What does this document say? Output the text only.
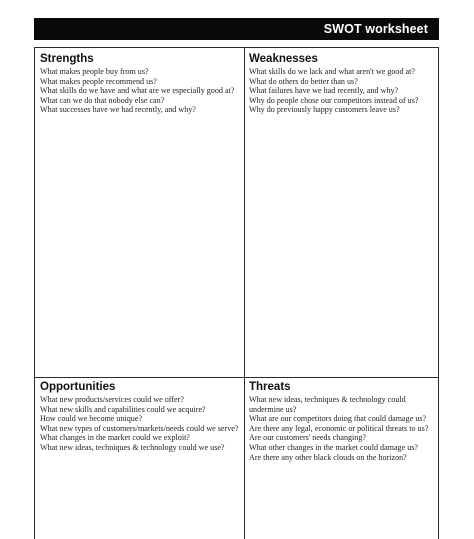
SWOT worksheet
Strengths
What makes people buy from us?
What makes people recommend us?
What skills do we have and what are we especially good at?
What can we do that nobody else can?
What successes have we had recently, and why?
Weaknesses
What skills do we lack and what aren't we good at?
What do others do better than us?
What failures have we had recently, and why?
Why do people chose our competitors instead of us?
Why do previously happy customers leave us?
Opportunities
What new products/services could we offer?
What new skills and capabilities could we acquire?
How could we become unique?
What new types of customers/markets/needs could we serve?
What changes in the market could we exploit?
What new ideas, techniques & technology could we use?
Threats
What new ideas, techniques & technology could undermine us?
What are our competitors doing that could damage us?
Are there any legal, economic or political threats to us?
Are our customers' needs changing?
What other changes in the market could damage us?
Are there any other black clouds on the horizon?
